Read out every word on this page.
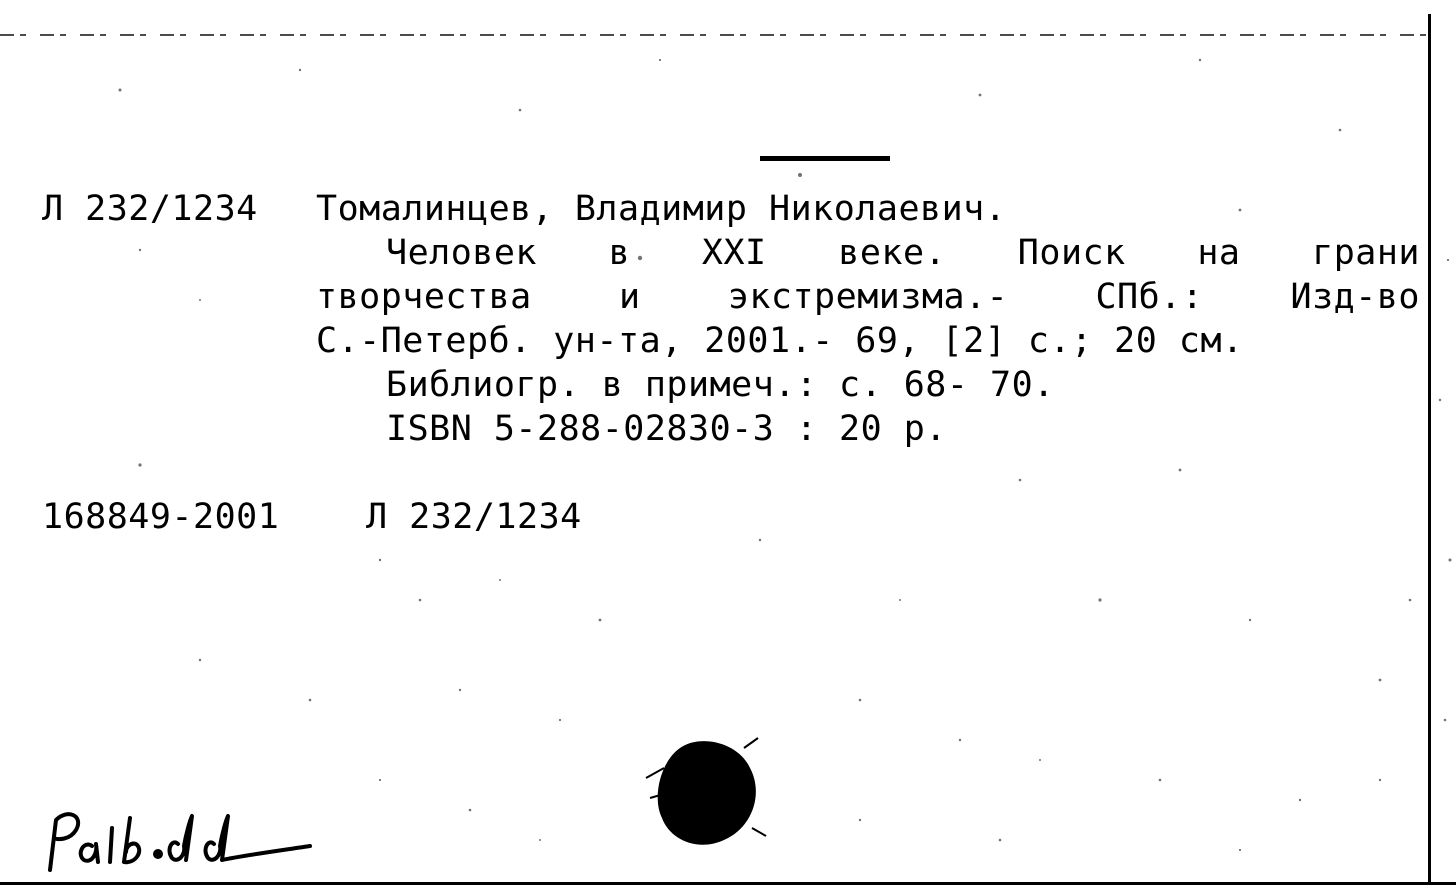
Л 232/1234 Томалинцев, Владимир Николаевич.
Человек в XXI веке. Поиск на грани
творчества и экстремизма.- СПб.: Изд-во
С.-Петерб. ун-та, 2001.- 69, [2] с.; 20 см.
Библиогр. в примеч.: с. 68- 70.
ISBN 5-288-02830-3 : 20 р.
168849-2001 Л 232/1234
